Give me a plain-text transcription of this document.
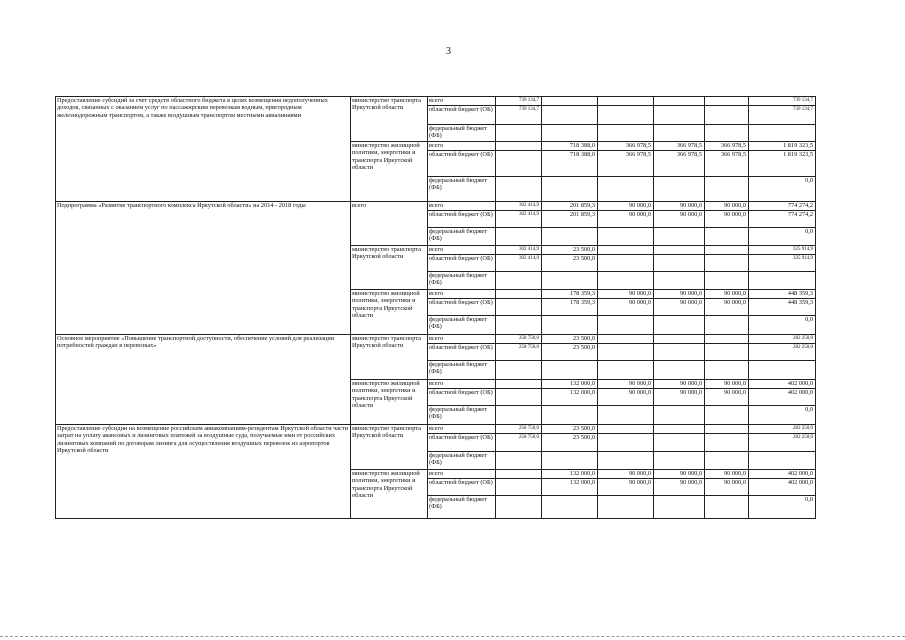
3
Предоставление субсидий за счет средств областного бюджета в целях возмещения недополученных доходов, связанных с оказанием услуг по пассажирским перевозкам водным, пригородным железнодорожным транспортом, а также воздушным транспортом местными авиалиниями	министерство транспорта Иркутской области	всего	739 134,7					739 134,7
		областной бюджет (ОБ)	739 134,7					739 134,7
		федеральный бюджет (ФБ)						
	министерство жилищной политики, энергетики и транспорта Иркутской области	всего		718 388,0	366 978,5	366 978,5	366 978,5	1 819 323,5
		областной бюджет (ОБ)		718 388,0	366 978,5	366 978,5	366 978,5	1 819 323,5
		федеральный бюджет (ФБ)						0,0
Подпрограмма «Развитие транспортного комплекса Иркутской области» на 2014 - 2018 годы	всего	всего	302 414,9	201 859,3	90 000,0	90 000,0	90 000,0	774 274,2
		областной бюджет (ОБ)	302 414,9	201 859,3	90 000,0	90 000,0	90 000,0	774 274,2
		федеральный бюджет (ФБ)						0,0
	министерство транспорта Иркутской области	всего	302 414,9	23 500,0				325 914,9
		областной бюджет (ОБ)	302 414,9	23 500,0				325 914,9
		федеральный бюджет (ФБ)						
	министерство жилищной политики, энергетики и транспорта Иркутской области	всего		178 359,3	90 000,0	90 000,0	90 000,0	448 359,3
		областной бюджет (ОБ)		178 359,3	90 000,0	90 000,0	90 000,0	448 359,3
		федеральный бюджет (ФБ)						0,0
Основное мероприятие «Повышение транспортной доступности, обеспечение условий для реализации потребностей граждан в перевозках»	министерство транспорта Иркутской области	всего	258 750,0	23 500,0				282 250,0
		областной бюджет (ОБ)	258 750,0	23 500,0				282 250,0
		федеральный бюджет (ФБ)						
	министерство жилищной политики, энергетики и транспорта Иркутской области	всего		132 000,0	90 000,0	90 000,0	90 000,0	402 000,0
		областной бюджет (ОБ)		132 000,0	90 000,0	90 000,0	90 000,0	402 000,0
		федеральный бюджет (ФБ)						0,0
Предоставление субсидии на возмещение российским авиакомпаниям-резидентам Иркутской области части затрат на уплату авансовых и лизинговых платежей за воздушные суда, получаемые ими от российских лизинговых компаний по договорам лизинга для осуществления воздушных перевозок из аэропортов Иркутской области	министерство транспорта Иркутской области	всего	258 750,0	23 500,0				282 250,0
		областной бюджет (ОБ)	258 750,0	23 500,0				282 250,0
		федеральный бюджет (ФБ)						
	министерство жилищной политики, энергетики и транспорта Иркутской области	всего		132 000,0	90 000,0	90 000,0	90 000,0	402 000,0
		областной бюджет (ОБ)		132 000,0	90 000,0	90 000,0	90 000,0	402 000,0
		федеральный бюджет (ФБ)						0,0
